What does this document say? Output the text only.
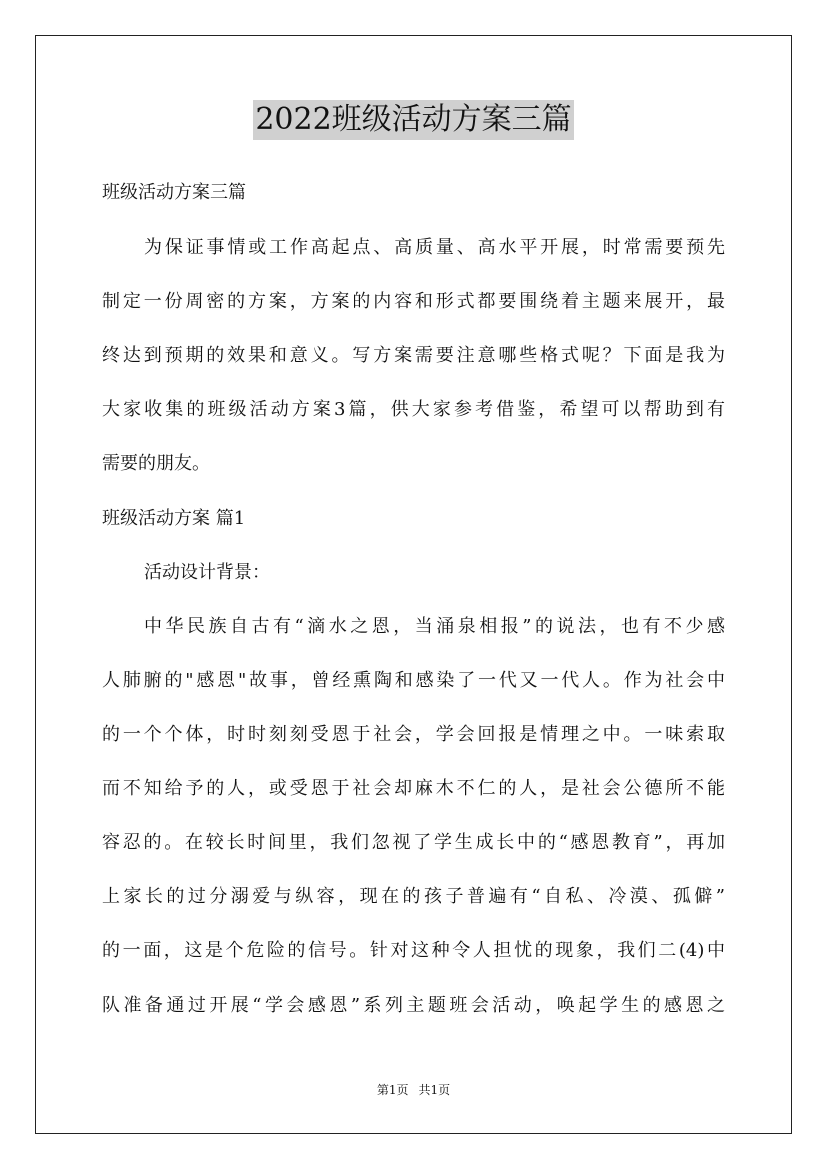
2022班级活动方案三篇
班级活动方案三篇
为保证事情或工作高起点、高质量、高水平开展，时常需要预先
制定一份周密的方案，方案的内容和形式都要围绕着主题来展开，最
终达到预期的效果和意义。写方案需要注意哪些格式呢？下面是我为
大家收集的班级活动方案3篇，供大家参考借鉴，希望可以帮助到有
需要的朋友。
班级活动方案 篇1
活动设计背景：
中华民族自古有“滴水之恩，当涌泉相报”的说法，也有不少感
人肺腑的"感恩"故事，曾经熏陶和感染了一代又一代人。作为社会中
的一个个体，时时刻刻受恩于社会，学会回报是情理之中。一味索取
而不知给予的人，或受恩于社会却麻木不仁的人，是社会公德所不能
容忍的。在较长时间里，我们忽视了学生成长中的“感恩教育”，再加
上家长的过分溺爱与纵容，现在的孩子普遍有“自私、冷漠、孤僻”
的一面，这是个危险的信号。针对这种令人担忧的现象，我们二(4)中
队准备通过开展“学会感恩”系列主题班会活动，唤起学生的感恩之
第1页 共1页
